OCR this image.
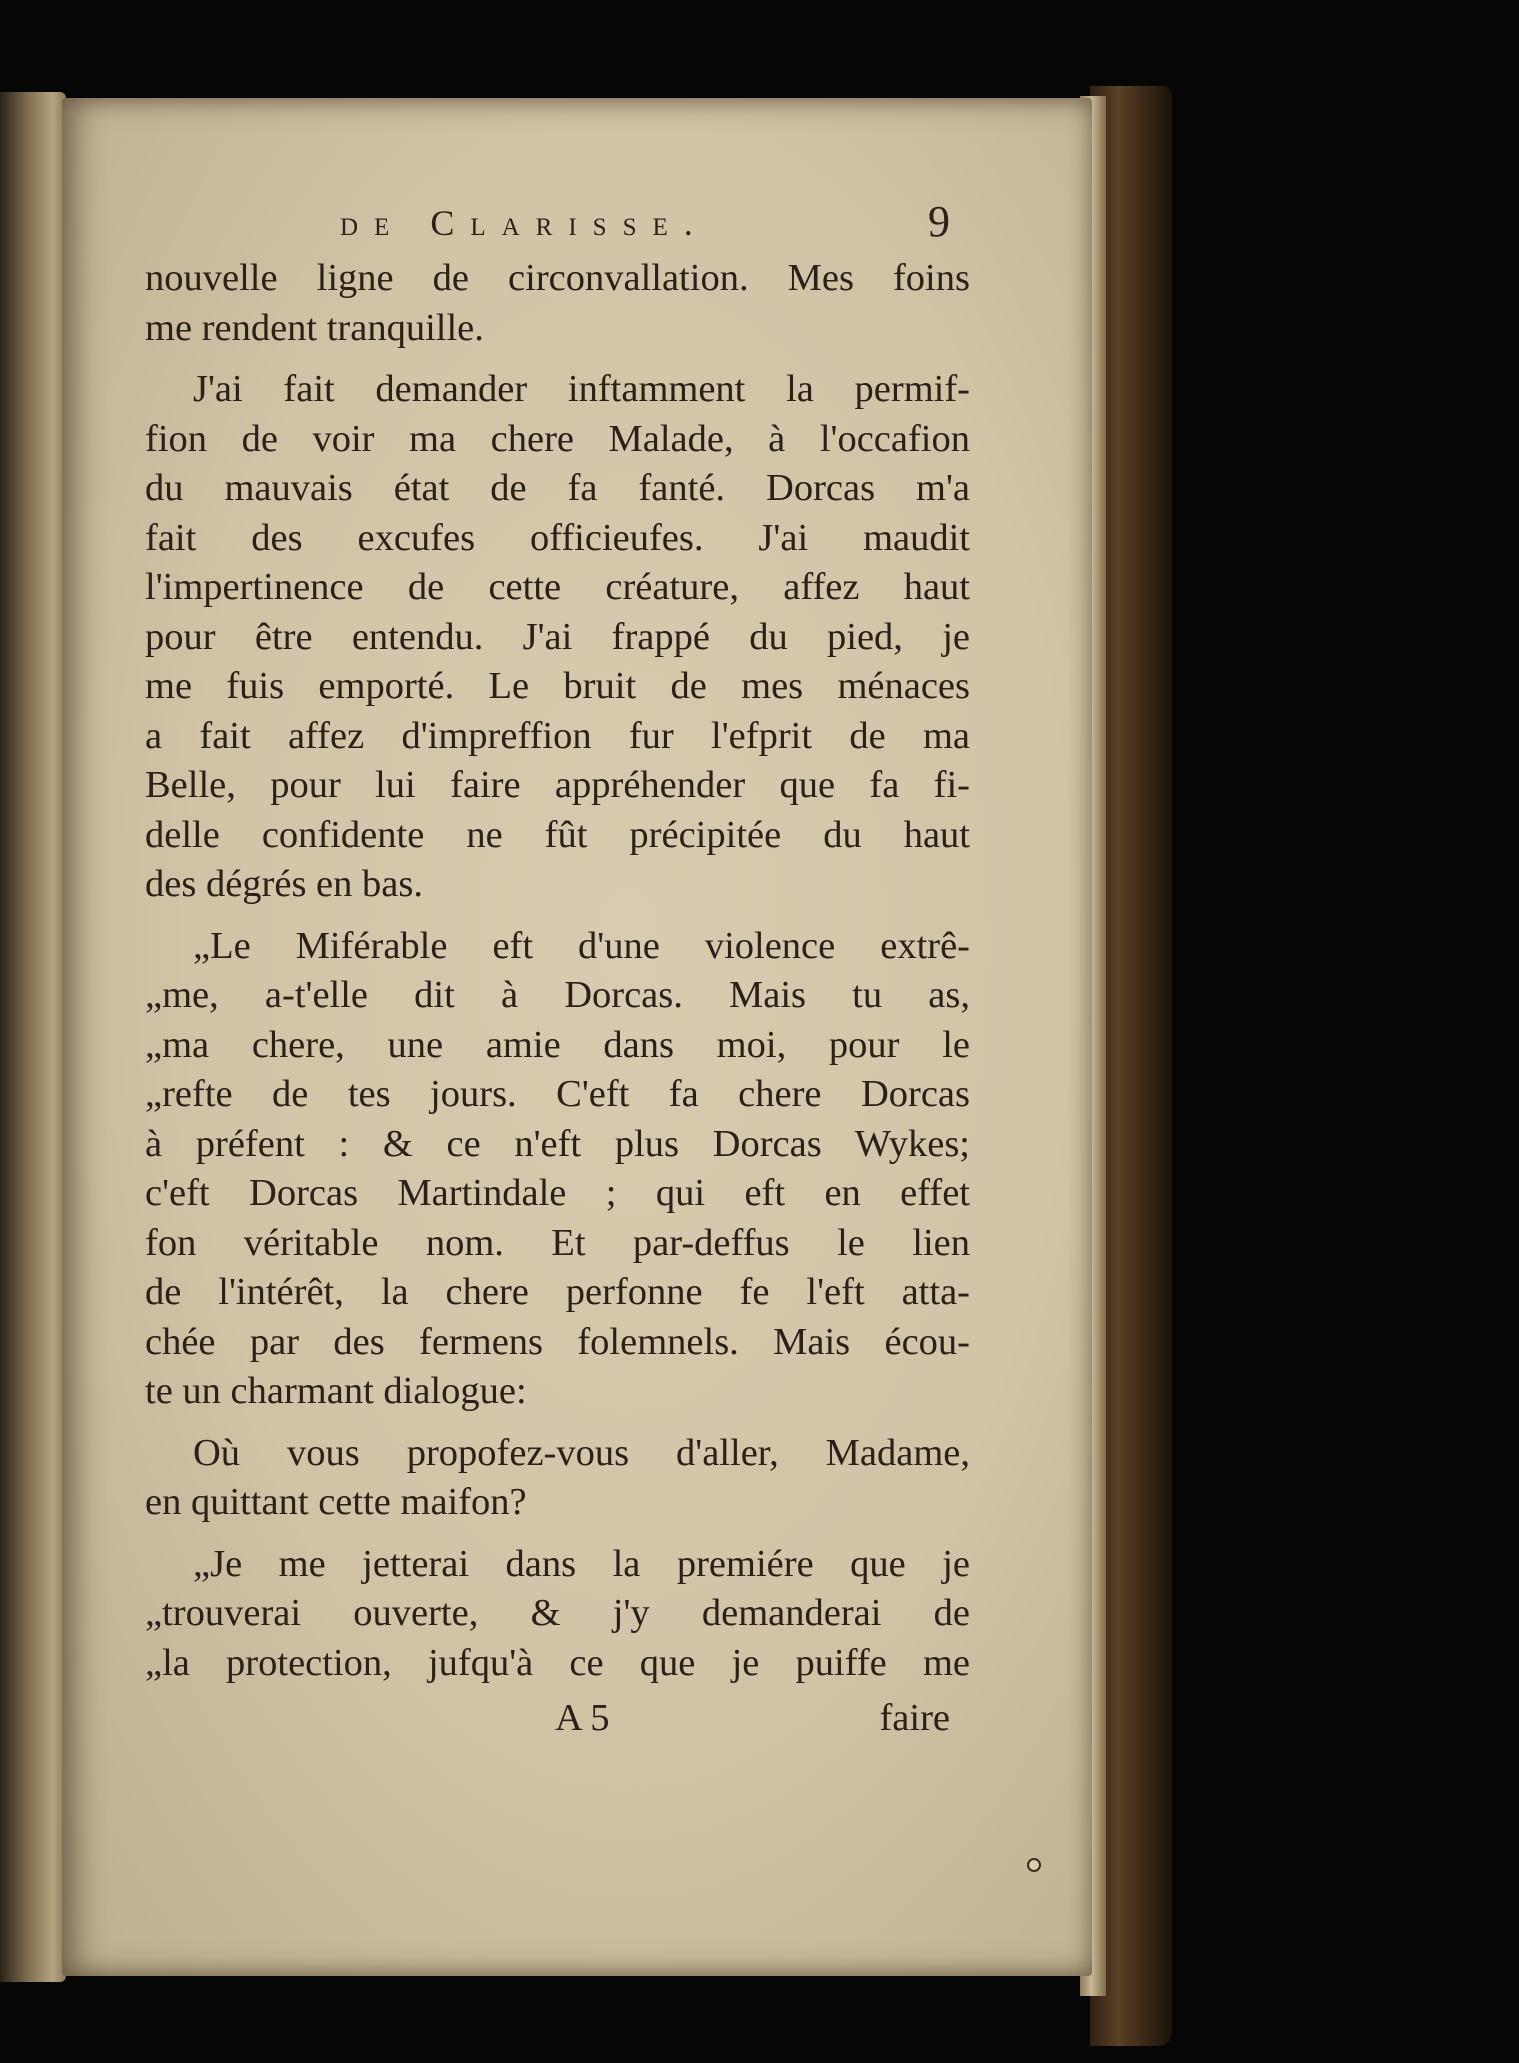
de Clarisse.	9
nouvelle ligne de circonvallation. Mes foins
me rendent tranquille.
J'ai fait demander inftamment la permif-
fion de voir ma chere Malade, à l'occafion
du mauvais état de fa fanté. Dorcas m'a
fait des excufes officieufes. J'ai maudit
l'impertinence de cette créature, affez haut
pour être entendu. J'ai frappé du pied, je
me fuis emporté. Le bruit de mes ménaces
a fait affez d'impreffion fur l'efprit de ma
Belle, pour lui faire appréhender que fa fi-
delle confidente ne fût précipitée du haut
des dégrés en bas.
„Le Miférable eft d'une violence extrê-
„me, a-t'elle dit à Dorcas. Mais tu as,
„ma chere, une amie dans moi, pour le
„refte de tes jours. C'eft fa chere Dorcas
à préfent : & ce n'eft plus Dorcas Wykes;
c'eft Dorcas Martindale ; qui eft en effet
fon véritable nom. Et par-deffus le lien
de l'intérêt, la chere perfonne fe l'eft atta-
chée par des fermens folemnels. Mais écou-
te un charmant dialogue:
Où vous propofez-vous d'aller, Madame,
en quittant cette maifon?
„Je me jetterai dans la premiére que je
„trouverai ouverte, & j'y demanderai de
„la protection, jufqu'à ce que je puiffe me
A 5	faire
